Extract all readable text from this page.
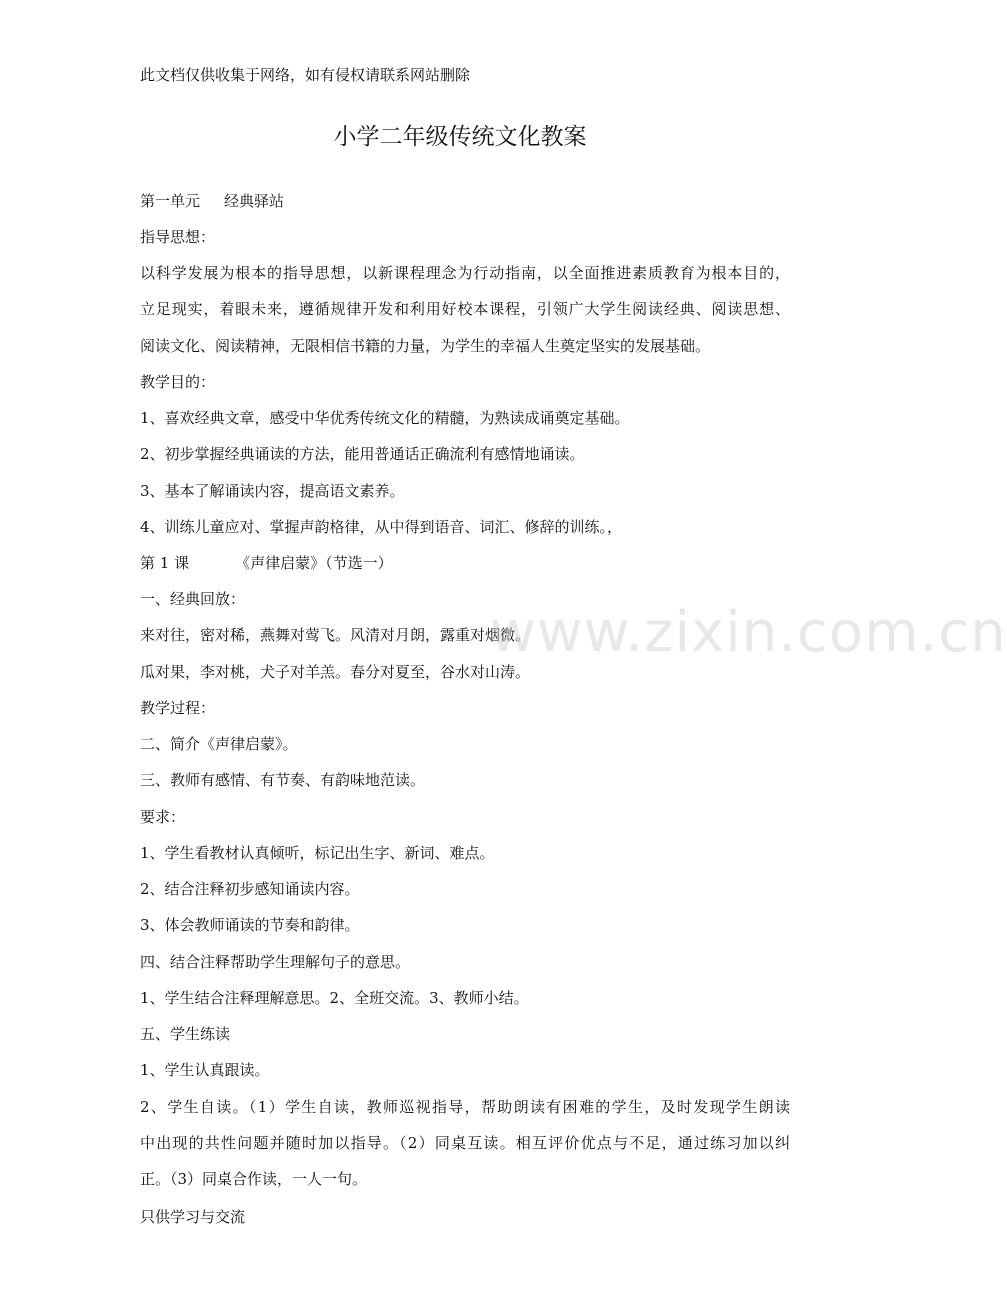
此文档仅供收集于网络，如有侵权请联系网站删除
小学二年级传统文化教案
第一单元 经典驿站
指导思想：
以科学发展为根本的指导思想，以新课程理念为行动指南，以全面推进素质教育为根本目的，
立足现实，着眼未来，遵循规律开发和利用好校本课程，引领广大学生阅读经典、阅读思想、
阅读文化、阅读精神，无限相信书籍的力量，为学生的幸福人生奠定坚实的发展基础。
教学目的：
1、喜欢经典文章，感受中华优秀传统文化的精髓，为熟读成诵奠定基础。
2、初步掌握经典诵读的方法，能用普通话正确流利有感情地诵读。
3、基本了解诵读内容，提高语文素养。
4、训练儿童应对、掌握声韵格律，从中得到语音、词汇、修辞的训练。，
第 1 课	《声律启蒙》（节选一）
一、经典回放：
来对往，密对稀，燕舞对莺飞。风清对月朗，露重对烟微。
瓜对果，李对桃，犬子对羊羔。春分对夏至，谷水对山涛。
教学过程：
二、简介《声律启蒙》。
三、教师有感情、有节奏、有韵味地范读。
要求：
1、学生看教材认真倾听，标记出生字、新词、难点。
2、结合注释初步感知诵读内容。
3、体会教师诵读的节奏和韵律。
四、结合注释帮助学生理解句子的意思。
1、学生结合注释理解意思。2、全班交流。3、教师小结。
五、学生练读
1、学生认真跟读。
2、学生自读。（1）学生自读，教师巡视指导，帮助朗读有困难的学生，及时发现学生朗读
中出现的共性问题并随时加以指导。（2）同桌互读。相互评价优点与不足，通过练习加以纠
正。（3）同桌合作读，一人一句。
只供学习与交流
www.zixin.com.cn
